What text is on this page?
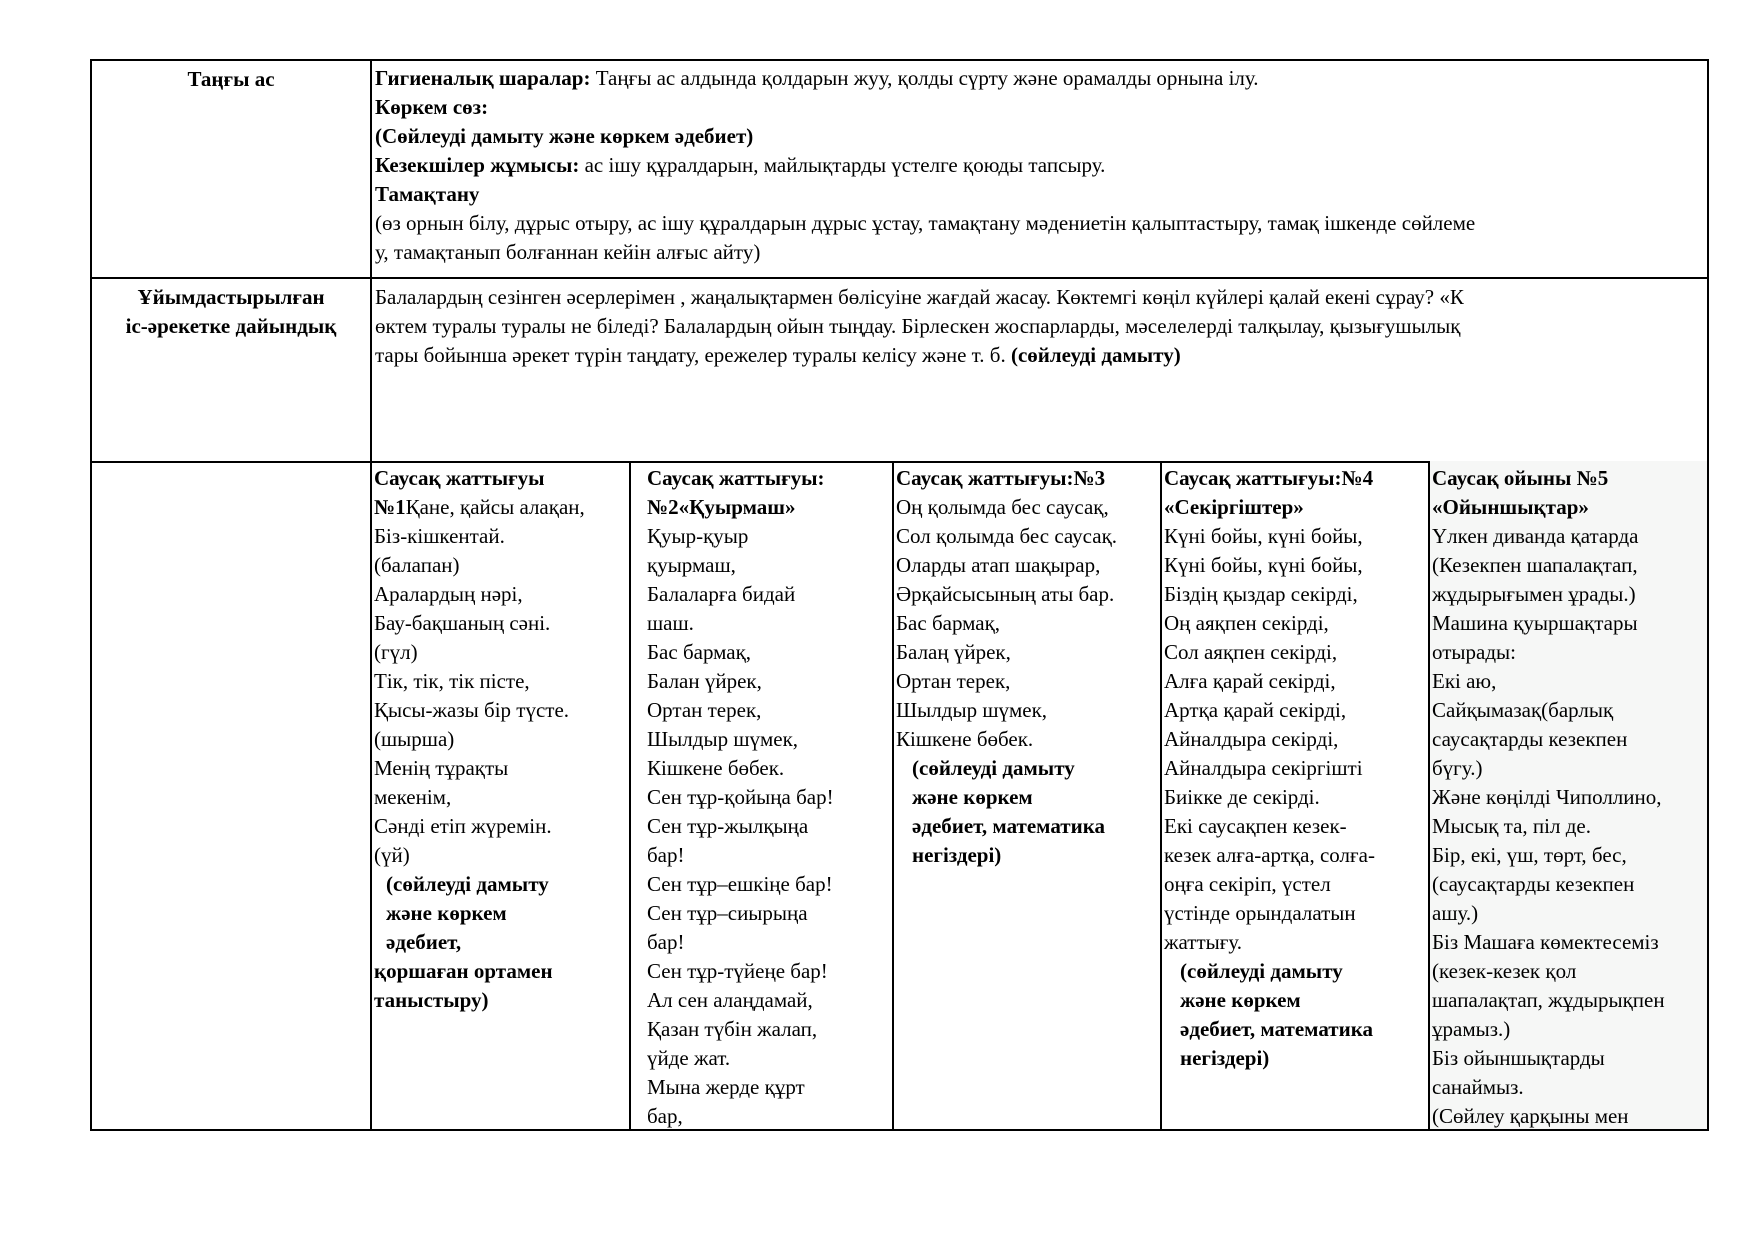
Таңғы ас	Гигиеналық шаралар: Таңғы ас алдында қолдарын жуу, қолды сүрту және орамалды орнына ілу.
Көркем сөз:
(Сөйлеуді дамыту және көркем әдебиет)
Кезекшілер жұмысы: ас ішу құралдарын, майлықтарды үстелге қоюды тапсыру.
Тамақтану
(өз орнын білу, дұрыс отыру, ас ішу құралдарын дұрыс ұстау, тамақтану мәдениетін қалыптастыру, тамақ ішкенде сөйлеме
у, тамақтанып болғаннан кейін алғыс айту)
Ұйымдастырылған
іс-әрекетке дайындық
Балалардың сезінген әсерлерімен , жаңалықтармен бөлісуіне жағдай жасау. Көктемгі көңіл күйлері қалай екені сұрау? «К
өктем туралы туралы не біледі? Балалардың ойын тыңдау. Бірлескен жоспарларды, мәселелерді талқылау, қызығушылық
тары бойынша әрекет түрін таңдату, ережелер туралы келісу және т. б. (сөйлеуді дамыту)
Саусақ жаттығуы
№1Қане, қайсы алақан,
Біз-кішкентай.
(балапан)
Аралардың нәрі,
Бау-бақшаның сәні.
(гүл)
Тік, тік, тік пісте,
Қысы-жазы бір түсте.
(шырша)
Менің тұрақты
мекенім,
Сәнді етіп жүремін.
(үй)
(сөйлеуді дамыту
және көркем
әдебиет,
қоршаған ортамен
таныстыру)
Саусақ жаттығуы:
№2«Қуырмаш»
Қуыр-қуыр
қуырмаш,
Балаларға бидай
шаш.
Бас бармақ,
Балан үйрек,
Ортан терек,
Шылдыр шүмек,
Кішкене бөбек.
Сен тұр-қойыңа бар!
Сен тұр-жылқыңа
бар!
Сен тұр–ешкіңе бар!
Сен тұр–сиырыңа
бар!
Сен тұр-түйеңе бар!
Ал сен алаңдамай,
Қазан түбін жалап,
үйде жат.
Мына жерде құрт
бар,
Саусақ жаттығуы:№3
Оң қолымда бес саусақ,
Сол қолымда бес саусақ.
Оларды атап шақырар,
Әрқайсысының аты бар.
Бас бармақ,
Балаң үйрек,
Ортан терек,
Шылдыр шүмек,
Кішкене бөбек.
(сөйлеуді дамыту
және көркем
әдебиет, математика
негіздері)
Саусақ жаттығуы:№4
«Секіргіштер»
Күні бойы, күні бойы,
Күні бойы, күні бойы,
Біздің қыздар секірді,
Оң аяқпен секірді,
Сол аяқпен секірді,
Алға қарай секірді,
Артқа қарай секірді,
Айналдыра секірді,
Айналдыра секіргішті
Биікке де секірді.
Екі саусақпен кезек-
кезек алға-артқа, солға-
оңға секіріп, үстел
үстінде орындалатын
жаттығу.
(сөйлеуді дамыту
және көркем
әдебиет, математика
негіздері)
Саусақ ойыны №5
«Ойыншықтар»
Үлкен диванда қатарда
(Кезекпен шапалақтап,
жұдырығымен ұрады.)
Машина қуыршақтары
отырады:
Екі аю,
Сайқымазақ(барлық
саусақтарды кезекпен
бүгу.)
Және көңілді Чиполлино,
Мысық та, піл де.
Бір, екі, үш, төрт, бес,
(саусақтарды кезекпен
ашу.)
Біз Машаға көмектесеміз
(кезек-кезек қол
шапалақтап, жұдырықпен
ұрамыз.)
Біз ойыншықтарды
санаймыз.
(Сөйлеу қарқыны мен
